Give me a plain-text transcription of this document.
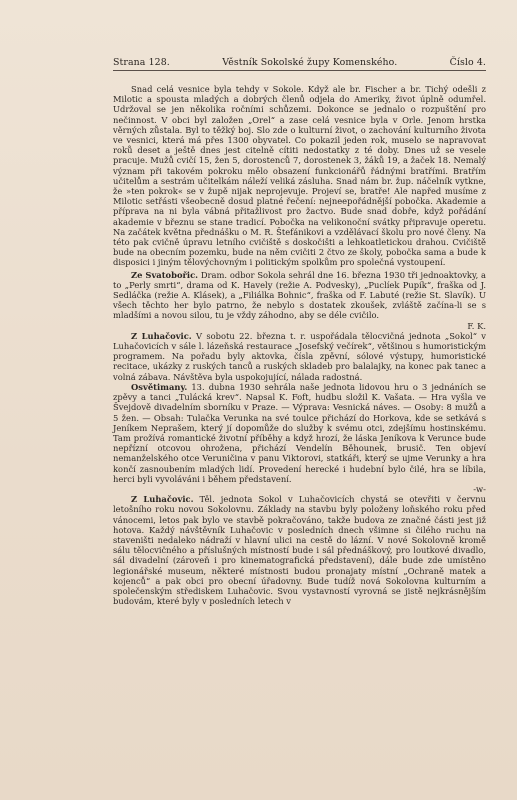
Strana 128.	Věstník Sokolské župy Komenského.	Číslo 4.

Snad celá vesnice byla tehdy v Sokole. Když ale br. Fischer a br. Tichý odešli z Milotic a spousta mladých a dobrých členů odjela do Ameriky, život úplně odumřel. Udržoval se jen několika ročními schůzemi. Dokonce se jednalo o rozpuštění pro nečinnost. V obci byl založen „Orel“ a zase celá vesnice byla v Orle. Jenom hrstka věrných zůstala. Byl to těžký boj. Slo zde o kulturní život, o zachování kulturního života ve vesnici, která má přes 1300 obyvatel. Co pokazil jeden rok, muselo se napravovat roků deset a ještě dnes jest citelně cítiti nedostatky z té doby. Dnes už se vesele pracuje. Mužů cvičí 15, žen 5, dorostenců 7, dorostenek 3, žáků 19, a žaček 18. Nemalý význam při takovém pokroku mělo obsazení funkcionářů řádnými bratřími. Bratřím učitelům a sestrám učitelkám náleží veliká zásluha. Snad nám br. žup. náčelník vytkne, že »ten pokrok« se v župě nijak neprojevuje. Projeví se, bratře! Ale napřed musíme z Milotic setřásti všeobecně dosud platné řečení: nejneepořádnější pobočka. Akademie a příprava na ni byla vábná přitažlivost pro žactvo. Bude snad dobře, když pořádání akademie v březnu se stane tradicí. Pobočka na velikonoční svátky připravuje operetu. Na začátek května přednášku o M. R. Štefánikovi a vzdělávací školu pro nové členy. Na této pak cvičně úpravu letního cvičiště s doskočišti a lehkoatletickou drahou. Cvičiště bude na obecním pozemku, bude na něm cvičiti 2 čtvo ze školy, pobočka sama a bude k disposici i jiným tělovýchovným i politickým spolkům pro společná vystoupení.

Ze Svatobořic. Dram. odbor Sokola sehrál dne 16. března 1930 tři jednoaktovky, a to „Perly smrti“, drama od K. Havely (režie A. Podvesky), „Puclíek Pupík“, fraška od J. Sedláčka (režie A. Klásek), a „Filiálka Bohnic“, fraška od F. Labuté (režie St. Slavík). U všech těchto her bylo patrno, že nebylo s dostatek zkoušek, zvláště začína-li se s mladšími a novou silou, tu je vždy záhodno, aby se déle cvičilo.

F. K.

Z Luhačovic. V sobotu 22. března t. r. uspořádala tělocvičná jednota „Sokol“ v Luhačovicích v sále l. lázeňská restaurace „Josefský večírek“, většinou s humoristickým programem. Na pořadu byly aktovka, čísla zpěvní, sólové výstupy, humoristické recitace, ukázky z ruských tanců a ruských skladeb pro balalajky, na konec pak tanec a volná zábava. Návštěva byla uspokojující, nálada radostná.

Osvětimany. 13. dubna 1930 sehrála naše jednota lidovou hru o 3 jednáních se zpěvy a tanci „Tulácká krev“. Napsal K. Foft, hudbu složil K. Vašata. — Hra vyšla ve Švejdově divadelním sborníku v Praze. — Výprava: Vesnická náves. — Osoby: 8 mužů a 5 žen. — Obsah: Tulačka Verunka na své toulce přichází do Horkova, kde se setkává s Jeníkem Neprašem, který jí dopomůže do služby k svému otci, zdejšímu hostinskému. Tam prožívá romantické životní příběhy a když hrozí, že láska Jeníkova k Verunce bude nepřízní otcovou ohrožena, přichází Vendelín Běhounek, brusič. Ten objeví nemanželského otce Veruničina v panu Viktorovi, statkáři, který se ujme Verunky a hra končí zasnoubením mladých lidí. Provedení herecké i hudební bylo čilé, hra se líbila, herci byli vyvoláváni i během představení.

-w-

Z Luhačovic. Těl. jednota Sokol v Luhačovicích chystá se otevřiti v červnu letošního roku novou Sokolovnu. Základy na stavbu byly položeny loňského roku před vánocemi, letos pak bylo ve stavbě pokračováno, takže budova ze značné části jest již hotova. Každý návštěvník Luhačovic v posledních dnech všimne si čilého ruchu na staveništi nedaleko nádraží v hlavní ulici na cestě do lázní. V nové Sokolovně kromě sálu tělocvičného a příslušných místností bude i sál přednáškový, pro loutkové divadlo, sál divadelní (zároveň i pro kinematografická představení), dále bude zde umístěno legionářské museum, některé místnosti budou pronajaty místní „Ochraně matek a kojenců“ a pak obci pro obecní úřadovny. Bude tudíž nová Sokolovna kulturním a společenským střediskem Luhačovic. Svou vystavností vyrovná se jistě nejkrásnějším budovám, které byly v posledních letech v
